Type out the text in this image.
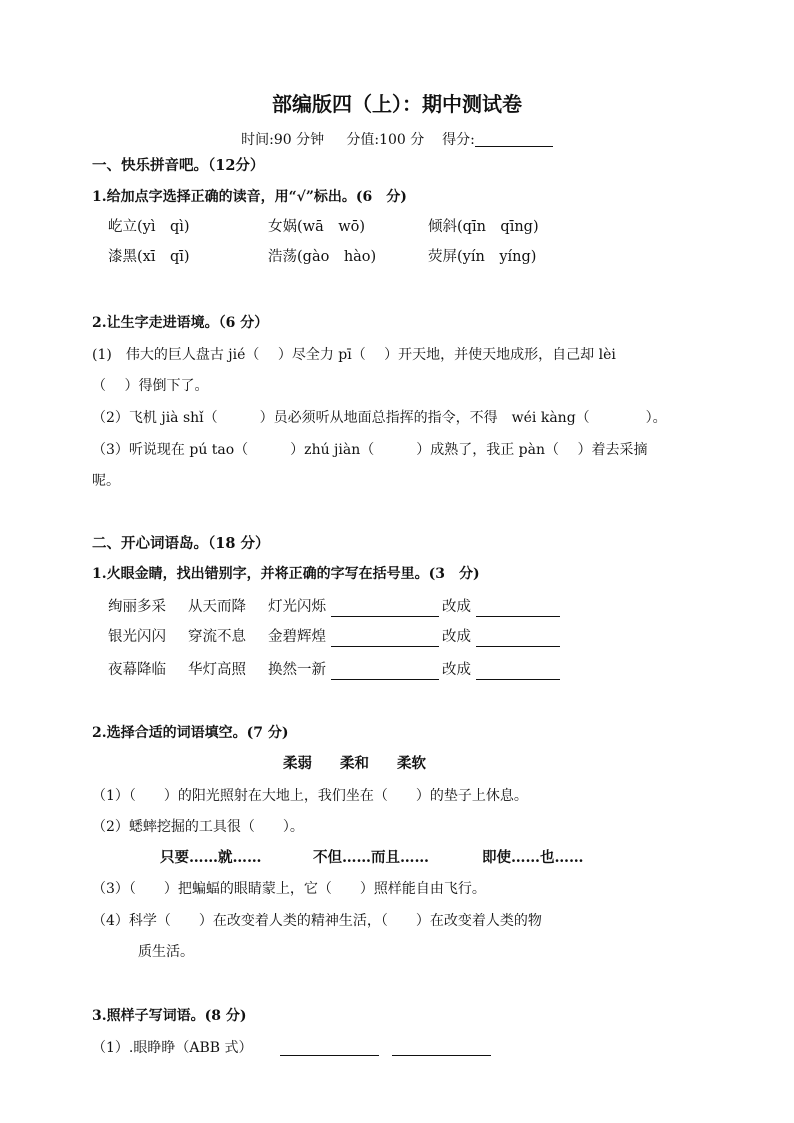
部编版四（上）：期中测试卷
时间:90 分钟 分值:100 分 得分:
一、快乐拼音吧。（12分）
1.给加点字选择正确的读音，用“√”标出。(6　分)
屹立(yì　qì)	女娲(wā　wō)	倾斜(qīn　qīng)
漆黑(xī　qī)	浩荡(gào　hào)	荧屏(yín　yíng)
2.让生字走进语境。（6 分）
(1)　伟大的巨人盘古 jié（　 ）尽全力 pī（　 ）开天地，并使天地成形，自己却 lèi
（　 ）得倒下了。
（2）飞机 jià shǐ（　　　）员必须听从地面总指挥的指令，不得　wéi kàng（　　　　）。
（3）听说现在 pú tao（　　　）zhú jiàn（　　　）成熟了，我正 pàn（　 ）着去采摘
呢。
二、开心词语岛。（18 分）
1.火眼金睛，找出错别字，并将正确的字写在括号里。(3　分)
绚丽多采 从天而降 灯光闪烁	改成
银光闪闪 穿流不息 金碧辉煌	改成
夜幕降临 华灯高照 换然一新	改成
2.选择合适的词语填空。(7 分)
柔弱 柔和 柔软
（1）（　　）的阳光照射在大地上，我们坐在（　　）的垫子上休息。
（2）蟋蟀挖掘的工具很（　　）。
只要……就……	不但……而且……	即使……也……
（3）（　　）把蝙蝠的眼睛蒙上，它（　　）照样能自由飞行。
（4）科学（　　）在改变着人类的精神生活，（　　）在改变着人类的物
质生活。
3.照样子写词语。(8 分)
（1）.眼睁睁（ABB 式）
